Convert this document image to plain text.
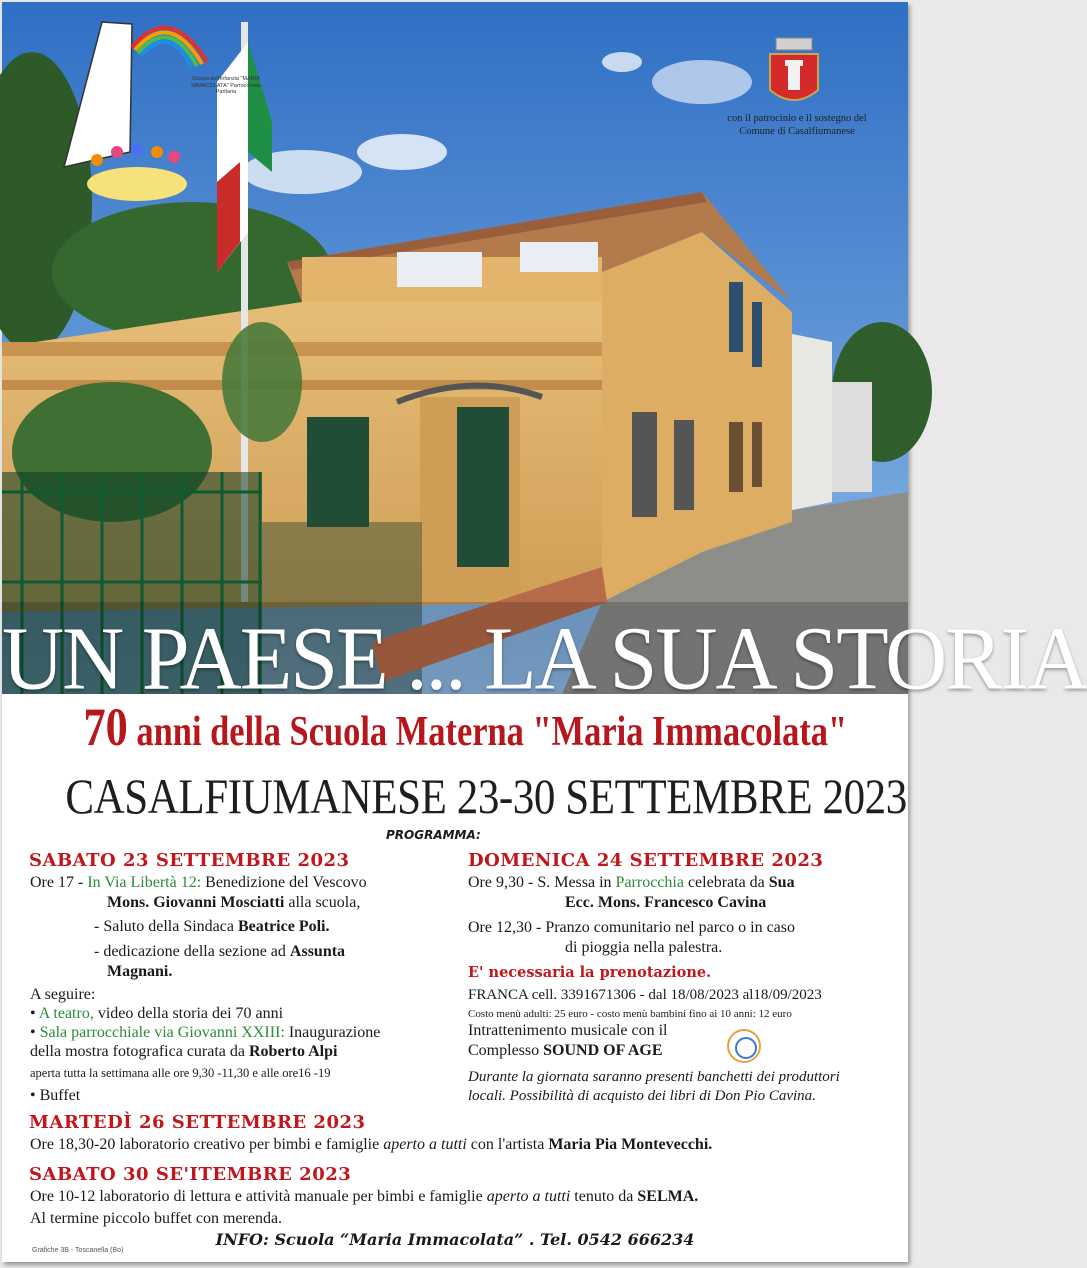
Scuola dell'infanzia "MARIA IMMACOLATA" Parrocchiale Paritaria
con il patrocinio e il sostegno del
Comune di Casalfiumanese
UN PAESE ... LA SUA STORIA
70 anni della Scuola Materna "Maria Immacolata"
CASALFIUMANESE 23-30 SETTEMBRE 2023
PROGRAMMA:
SABATO 23 SETTEMBRE 2023
Ore 17 - In Via Libertà 12: Benedizione del Vescovo
Mons. Giovanni Mosciatti alla scuola,
- Saluto della Sindaca Beatrice Poli.
- dedicazione della sezione ad Assunta
Magnani.
A seguire:
• A teatro, video della storia dei 70 anni
• Sala parrocchiale via Giovanni XXIII: Inaugurazione
della mostra fotografica curata da Roberto Alpi
aperta tutta la settimana alle ore 9,30 -11,30 e alle ore16 -19
• Buffet
DOMENICA 24 SETTEMBRE 2023
Ore 9,30 - S. Messa in Parrocchia celebrata da Sua
Ecc. Mons. Francesco Cavina
Ore 12,30 - Pranzo comunitario nel parco o in caso
di pioggia nella palestra.
E' necessaria la prenotazione.
FRANCA cell. 3391671306 - dal 18/08/2023 al18/09/2023
Costo menù adulti: 25 euro - costo menù bambini fino ai 10 anni: 12 euro
Intrattenimento musicale con il
Complesso SOUND OF AGE
Durante la giornata saranno presenti banchetti dei produttori
locali. Possibilità di acquisto dei libri di Don Pio Cavina.
MARTEDÌ 26 SETTEMBRE 2023
Ore 18,30-20 laboratorio creativo per bimbi e famiglie aperto a tutti con l'artista Maria Pia Montevecchi.
SABATO 30 SE'ITEMBRE 2023
Ore 10-12 laboratorio di lettura e attività manuale per bimbi e famiglie aperto a tutti tenuto da SELMA.
Al termine piccolo buffet con merenda.
INFO: Scuola “Maria Immacolata” . Tel. 0542 666234
Grafiche 3B - Toscanella (Bo)
